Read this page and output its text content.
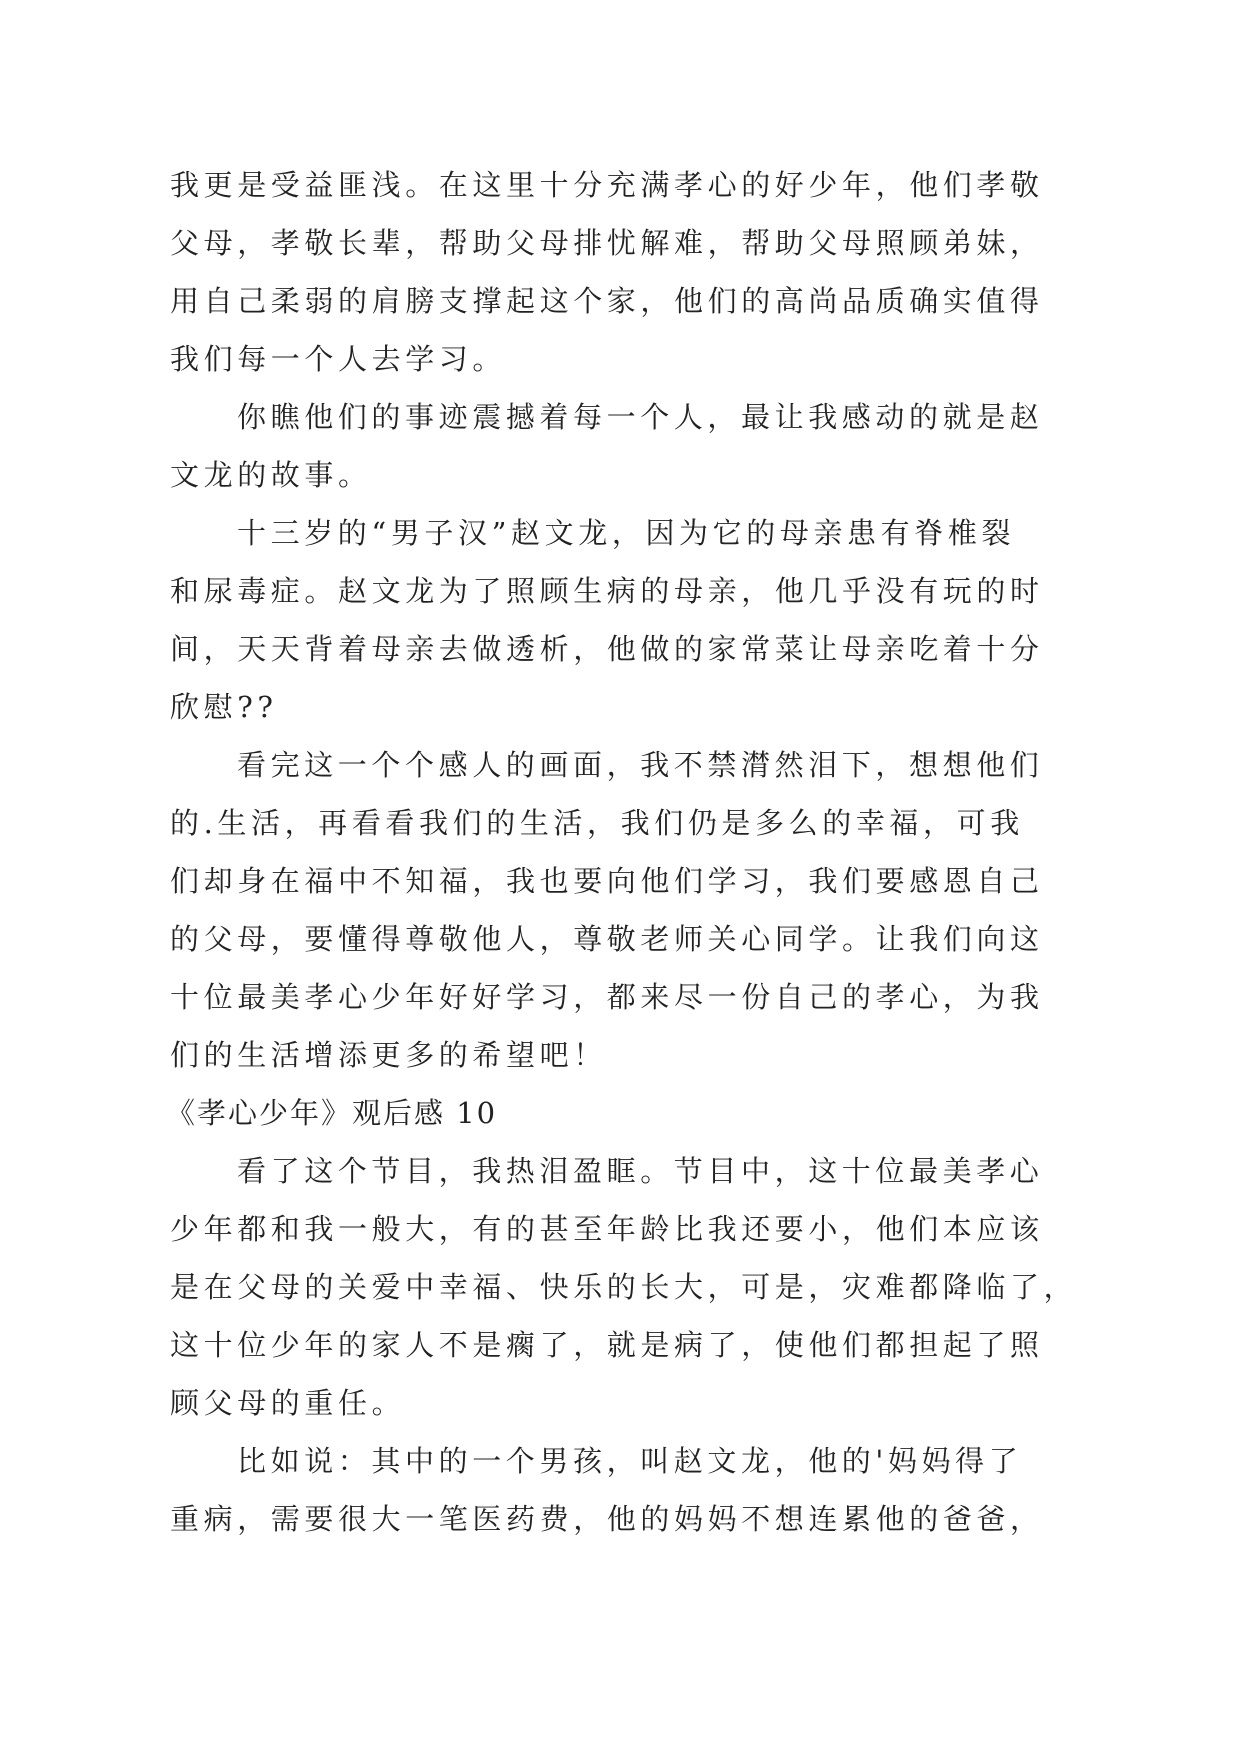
我更是受益匪浅。在这里十分充满孝心的好少年，他们孝敬
父母，孝敬长辈，帮助父母排忧解难，帮助父母照顾弟妹，
用自己柔弱的肩膀支撑起这个家，他们的高尚品质确实值得
我们每一个人去学习。
你瞧他们的事迹震撼着每一个人，最让我感动的就是赵
文龙的故事。
十三岁的“男子汉”赵文龙，因为它的母亲患有脊椎裂
和尿毒症。赵文龙为了照顾生病的母亲，他几乎没有玩的时
间，天天背着母亲去做透析，他做的家常菜让母亲吃着十分
欣慰??
看完这一个个感人的画面，我不禁潸然泪下，想想他们
的.生活，再看看我们的生活，我们仍是多么的幸福，可我
们却身在福中不知福，我也要向他们学习，我们要感恩自己
的父母，要懂得尊敬他人，尊敬老师关心同学。让我们向这
十位最美孝心少年好好学习，都来尽一份自己的孝心，为我
们的生活增添更多的希望吧！
《孝心少年》观后感 10
看了这个节目，我热泪盈眶。节目中，这十位最美孝心
少年都和我一般大，有的甚至年龄比我还要小，他们本应该
是在父母的关爱中幸福、快乐的长大，可是，灾难都降临了，
这十位少年的家人不是瘸了，就是病了，使他们都担起了照
顾父母的重任。
比如说：其中的一个男孩，叫赵文龙，他的'妈妈得了
重病，需要很大一笔医药费，他的妈妈不想连累他的爸爸，
